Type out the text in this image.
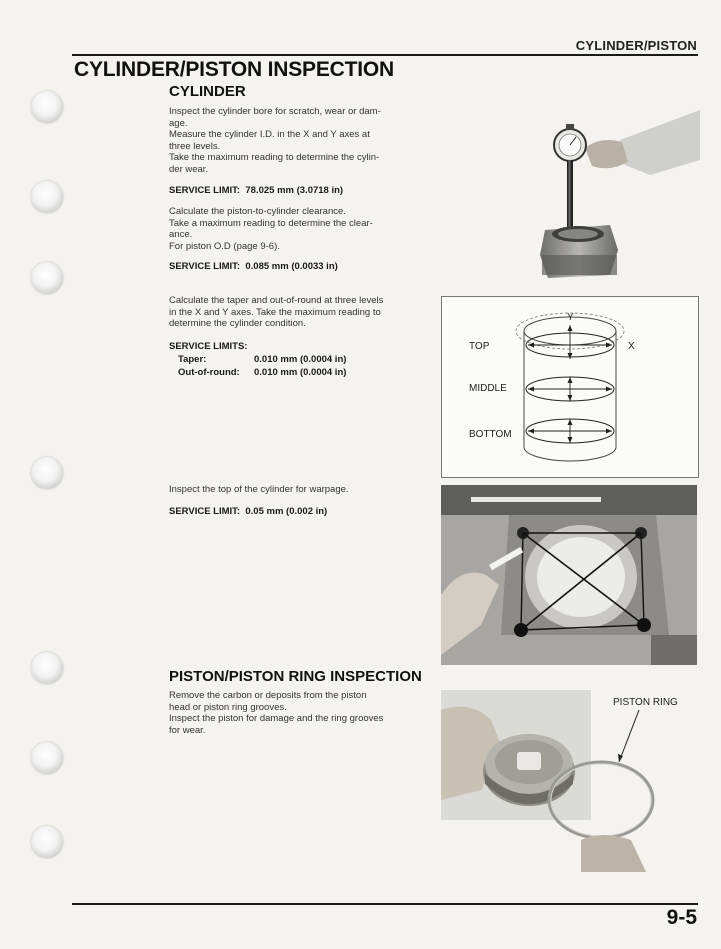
CYLINDER/PISTON
CYLINDER/PISTON INSPECTION
CYLINDER

Inspect the cylinder bore for scratch, wear or dam-
age.
Measure the cylinder I.D. in the X and Y axes at
three levels.
Take the maximum reading to determine the cylin-
der wear.

SERVICE LIMIT: 78.025 mm (3.0718 in)

Calculate the piston-to-cylinder clearance.
Take a maximum reading to determine the clear-
ance.
For piston O.D (page 9-6).

SERVICE LIMIT: 0.085 mm (0.0033 in)

Calculate the taper and out-of-round at three levels
in the X and Y axes. Take the maximum reading to
determine the cylinder condition.

SERVICE LIMITS:
Taper:	0.010 mm (0.0004 in)
Out-of-round: 0.010 mm (0.0004 in)

Inspect the top of the cylinder for warpage.

SERVICE LIMIT: 0.05 mm (0.002 in)
TOP
MIDDLE
BOTTOM
X
Y
PISTON/PISTON RING INSPECTION

Remove the carbon or deposits from the piston
head or piston ring grooves.
Inspect the piston for damage and the ring grooves
for wear.

PISTON RING
9-5
